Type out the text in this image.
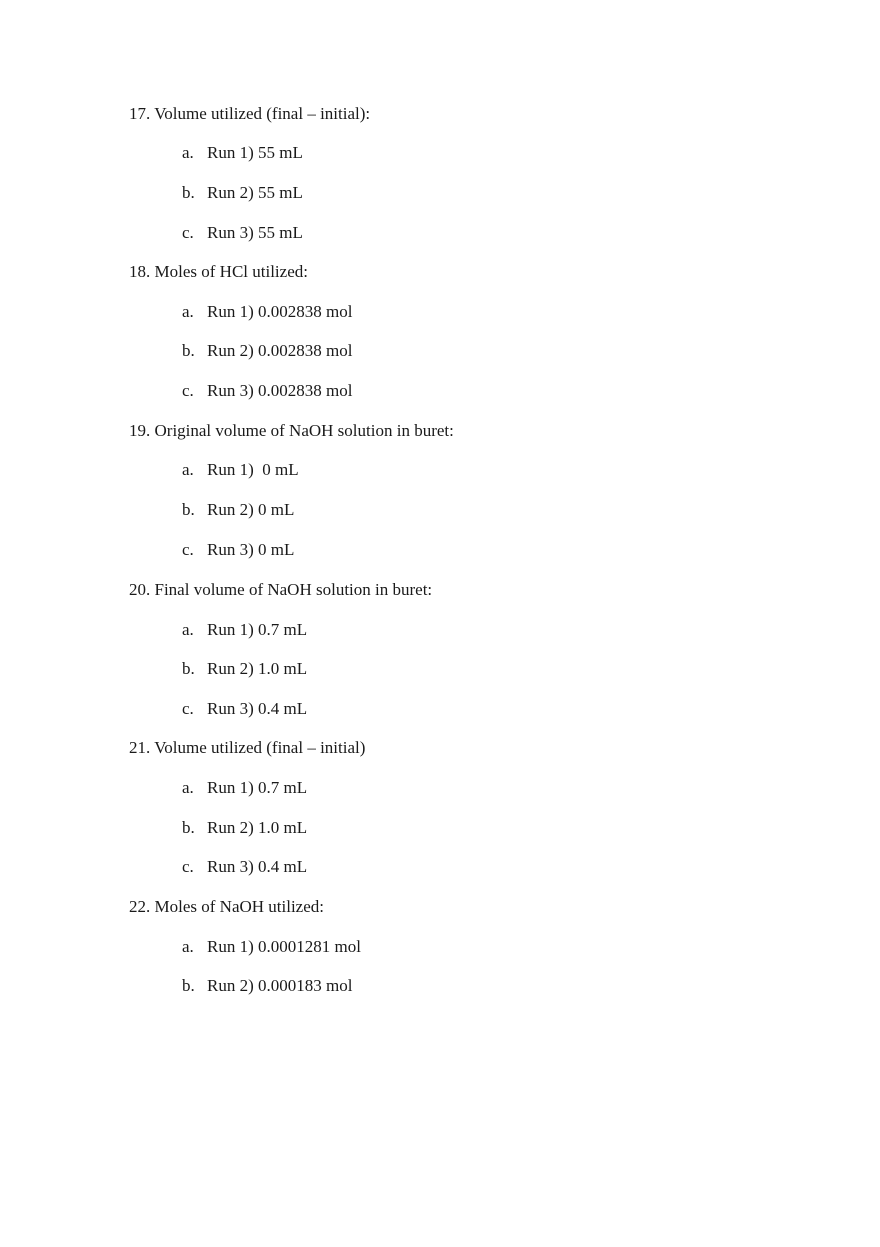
17. Volume utilized (final – initial):
a. Run 1) 55 mL
b. Run 2) 55 mL
c. Run 3) 55 mL
18. Moles of HCl utilized:
a. Run 1) 0.002838 mol
b. Run 2) 0.002838 mol
c. Run 3) 0.002838 mol
19. Original volume of NaOH solution in buret:
a. Run 1)  0 mL
b. Run 2) 0 mL
c. Run 3) 0 mL
20. Final volume of NaOH solution in buret:
a. Run 1) 0.7 mL
b. Run 2) 1.0 mL
c. Run 3) 0.4 mL
21. Volume utilized (final – initial)
a. Run 1) 0.7 mL
b. Run 2) 1.0 mL
c. Run 3) 0.4 mL
22. Moles of NaOH utilized:
a. Run 1) 0.0001281 mol
b. Run 2) 0.000183 mol
